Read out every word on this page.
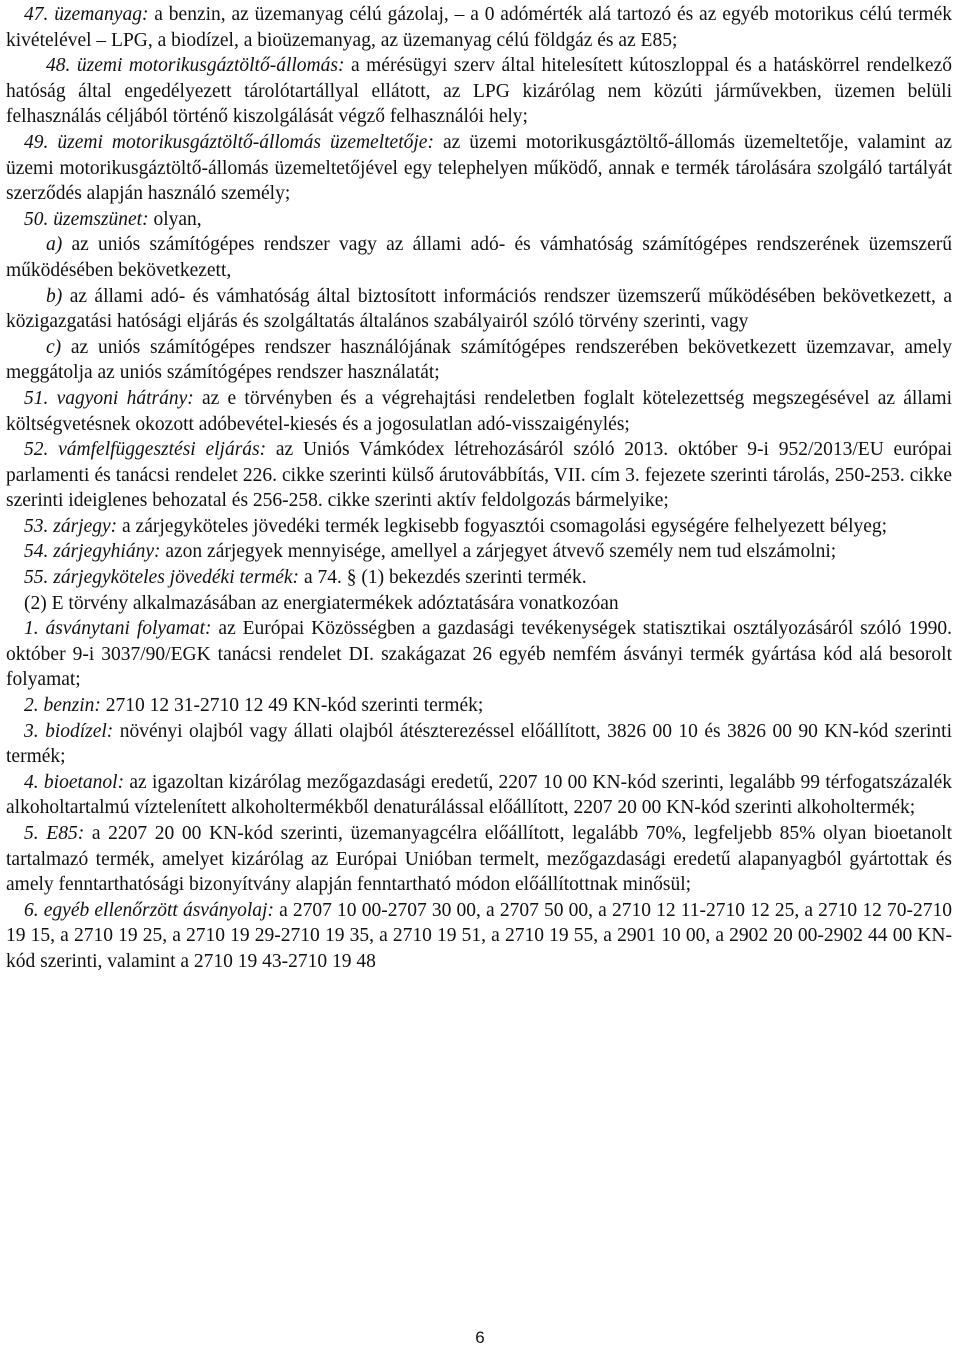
47. üzemanyag: a benzin, az üzemanyag célú gázolaj, – a 0 adómérték alá tartozó és az egyéb motorikus célú termék kivételével – LPG, a biodízel, a bioüzemanyag, az üzemanyag célú földgáz és az E85;

48. üzemi motorikusgáztöltő-állomás: a mérésügyi szerv által hitelesített kútoszloppal és a hatáskörrel rendelkező hatóság által engedélyezett tárolótartállyal ellátott, az LPG kizárólag nem közúti járművekben, üzemen belüli felhasználás céljából történő kiszolgálását végző felhasználói hely;

49. üzemi motorikusgáztöltő-állomás üzemeltetője: az üzemi motorikusgáztöltő-állomás üzemeltetője, valamint az üzemi motorikusgáztöltő-állomás üzemeltetőjével egy telephelyen működő, annak e termék tárolására szolgáló tartályát szerződés alapján használó személy;

50. üzemszünet: olyan,

a) az uniós számítógépes rendszer vagy az állami adó- és vámhatóság számítógépes rendszerének üzemszerű működésében bekövetkezett,

b) az állami adó- és vámhatóság által biztosított információs rendszer üzemszerű működésében bekövetkezett, a közigazgatási hatósági eljárás és szolgáltatás általános szabályairól szóló törvény szerinti, vagy

c) az uniós számítógépes rendszer használójának számítógépes rendszerében bekövetkezett üzemzavar, amely meggátolja az uniós számítógépes rendszer használatát;

51. vagyoni hátrány: az e törvényben és a végrehajtási rendeletben foglalt kötelezettség megszegésével az állami költségvetésnek okozott adóbevétel-kiesés és a jogosulatlan adó-visszaigénylés;

52. vámfelfüggesztési eljárás: az Uniós Vámkódex létrehozásáról szóló 2013. október 9-i 952/2013/EU európai parlamenti és tanácsi rendelet 226. cikke szerinti külső árutovábbítás, VII. cím 3. fejezete szerinti tárolás, 250-253. cikke szerinti ideiglenes behozatal és 256-258. cikke szerinti aktív feldolgozás bármelyike;

53. zárjegy: a zárjegyköteles jövedéki termék legkisebb fogyasztói csomagolási egységére felhelyezett bélyeg;

54. zárjegyhiány: azon zárjegyek mennyisége, amellyel a zárjegyet átvevő személy nem tud elszámolni;

55. zárjegyköteles jövedéki termék: a 74. § (1) bekezdés szerinti termék.

(2) E törvény alkalmazásában az energiatermékek adóztatására vonatkozóan

1. ásványtani folyamat: az Európai Közösségben a gazdasági tevékenységek statisztikai osztályozásáról szóló 1990. október 9-i 3037/90/EGK tanácsi rendelet DI. szakágazat 26 egyéb nemfém ásványi termék gyártása kód alá besorolt folyamat;

2. benzin: 2710 12 31-2710 12 49 KN-kód szerinti termék;

3. biodízel: növényi olajból vagy állati olajból átészterezéssel előállított, 3826 00 10 és 3826 00 90 KN-kód szerinti termék;

4. bioetanol: az igazoltan kizárólag mezőgazdasági eredetű, 2207 10 00 KN-kód szerinti, legalább 99 térfogatszázalék alkoholtartalmú víztelenített alkoholtermékből denaturálással előállított, 2207 20 00 KN-kód szerinti alkoholtermék;

5. E85: a 2207 20 00 KN-kód szerinti, üzemanyagcélra előállított, legalább 70%, legfeljebb 85% olyan bioetanolt tartalmazó termék, amelyet kizárólag az Európai Unióban termelt, mezőgazdasági eredetű alapanyagból gyártottak és amely fenntarthatósági bizonyítvány alapján fenntartható módon előállítottnak minősül;

6. egyéb ellenőrzött ásványolaj: a 2707 10 00-2707 30 00, a 2707 50 00, a 2710 12 11-2710 12 25, a 2710 12 70-2710 19 15, a 2710 19 25, a 2710 19 29-2710 19 35, a 2710 19 51, a 2710 19 55, a 2901 10 00, a 2902 20 00-2902 44 00 KN-kód szerinti, valamint a 2710 19 43-2710 19 48

6
